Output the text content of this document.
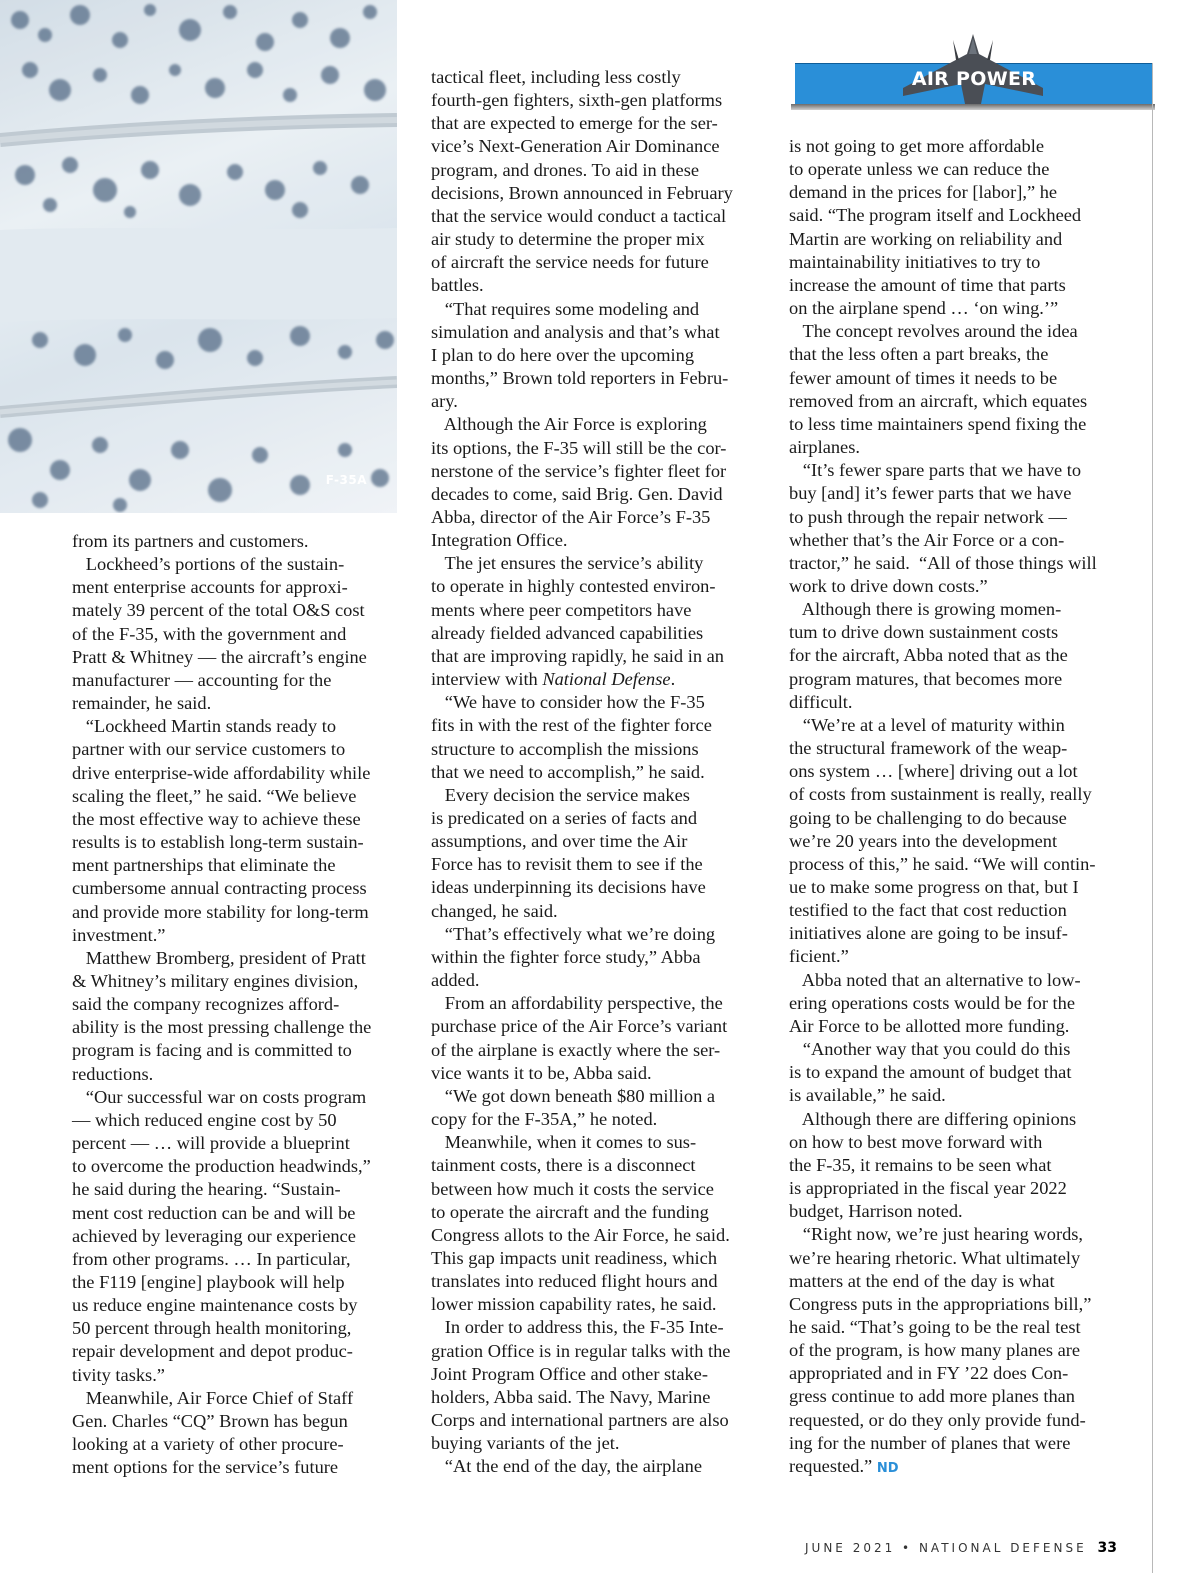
F-35A
AIR POWER

from its partners and customers.

Lockheed’s portions of the sustain-

ment enterprise accounts for approxi-

mately 39 percent of the total O&S cost

of the F-35, with the government and

Pratt & Whitney — the aircraft’s engine

manufacturer — accounting for the

remainder, he said.

“Lockheed Martin stands ready to

partner with our service customers to

drive enterprise-wide affordability while

scaling the fleet,” he said. “We believe

the most effective way to achieve these

results is to establish long-term sustain-

ment partnerships that eliminate the

cumbersome annual contracting process

and provide more stability for long-term

investment.”

Matthew Bromberg, president of Pratt

& Whitney’s military engines division,

said the company recognizes afford-

ability is the most pressing challenge the

program is facing and is committed to

reductions.

“Our successful war on costs program

— which reduced engine cost by 50

percent — … will provide a blueprint

to overcome the production headwinds,”

he said during the hearing. “Sustain-

ment cost reduction can be and will be

achieved by leveraging our experience

from other programs. … In particular,

the F119 [engine] playbook will help

us reduce engine maintenance costs by

50 percent through health monitoring,

repair development and depot produc-

tivity tasks.”

Meanwhile, Air Force Chief of Staff

Gen. Charles “CQ” Brown has begun

looking at a variety of other procure-

ment options for the service’s future

tactical fleet, including less costly

fourth-gen fighters, sixth-gen platforms

that are expected to emerge for the ser-

vice’s Next-Generation Air Dominance

program, and drones. To aid in these

decisions, Brown announced in February

that the service would conduct a tactical

air study to determine the proper mix

of aircraft the service needs for future

battles.

“That requires some modeling and

simulation and analysis and that’s what

I plan to do here over the upcoming

months,” Brown told reporters in Febru-

ary.

Although the Air Force is exploring

its options, the F-35 will still be the cor-

nerstone of the service’s fighter fleet for

decades to come, said Brig. Gen. David

Abba, director of the Air Force’s F-35

Integration Office.

The jet ensures the service’s ability

to operate in highly contested environ-

ments where peer competitors have

already fielded advanced capabilities

that are improving rapidly, he said in an

interview with National Defense.

“We have to consider how the F-35

fits in with the rest of the fighter force

structure to accomplish the missions

that we need to accomplish,” he said.

Every decision the service makes

is predicated on a series of facts and

assumptions, and over time the Air

Force has to revisit them to see if the

ideas underpinning its decisions have

changed, he said.

“That’s effectively what we’re doing

within the fighter force study,” Abba

added.

From an affordability perspective, the

purchase price of the Air Force’s variant

of the airplane is exactly where the ser-

vice wants it to be, Abba said.

“We got down beneath $80 million a

copy for the F-35A,” he noted.

Meanwhile, when it comes to sus-

tainment costs, there is a disconnect

between how much it costs the service

to operate the aircraft and the funding

Congress allots to the Air Force, he said.

This gap impacts unit readiness, which

translates into reduced flight hours and

lower mission capability rates, he said.

In order to address this, the F-35 Inte-

gration Office is in regular talks with the

Joint Program Office and other stake-

holders, Abba said. The Navy, Marine

Corps and international partners are also

buying variants of the jet.

“At the end of the day, the airplane

is not going to get more affordable

to operate unless we can reduce the

demand in the prices for [labor],” he

said. “The program itself and Lockheed

Martin are working on reliability and

maintainability initiatives to try to

increase the amount of time that parts

on the airplane spend … ‘on wing.’”

The concept revolves around the idea

that the less often a part breaks, the

fewer amount of times it needs to be

removed from an aircraft, which equates

to less time maintainers spend fixing the

airplanes.

“It’s fewer spare parts that we have to

buy [and] it’s fewer parts that we have

to push through the repair network —

whether that’s the Air Force or a con-

tractor,” he said.  “All of those things will

work to drive down costs.”

Although there is growing momen-

tum to drive down sustainment costs

for the aircraft, Abba noted that as the

program matures, that becomes more

difficult.

“We’re at a level of maturity within

the structural framework of the weap-

ons system … [where] driving out a lot

of costs from sustainment is really, really

going to be challenging to do because

we’re 20 years into the development

process of this,” he said. “We will contin-

ue to make some progress on that, but I

testified to the fact that cost reduction

initiatives alone are going to be insuf-

ficient.”

Abba noted that an alternative to low-

ering operations costs would be for the

Air Force to be allotted more funding.

“Another way that you could do this

is to expand the amount of budget that

is available,” he said.

Although there are differing opinions

on how to best move forward with

the F-35, it remains to be seen what

is appropriated in the fiscal year 2022

budget, Harrison noted.

“Right now, we’re just hearing words,

we’re hearing rhetoric. What ultimately

matters at the end of the day is what

Congress puts in the appropriations bill,”

he said. “That’s going to be the real test

of the program, is how many planes are

appropriated and in FY ’22 does Con-

gress continue to add more planes than

requested, or do they only provide fund-

ing for the number of planes that were

requested.” ND

JUNE 2021 • NATIONAL DEFENSE 33
